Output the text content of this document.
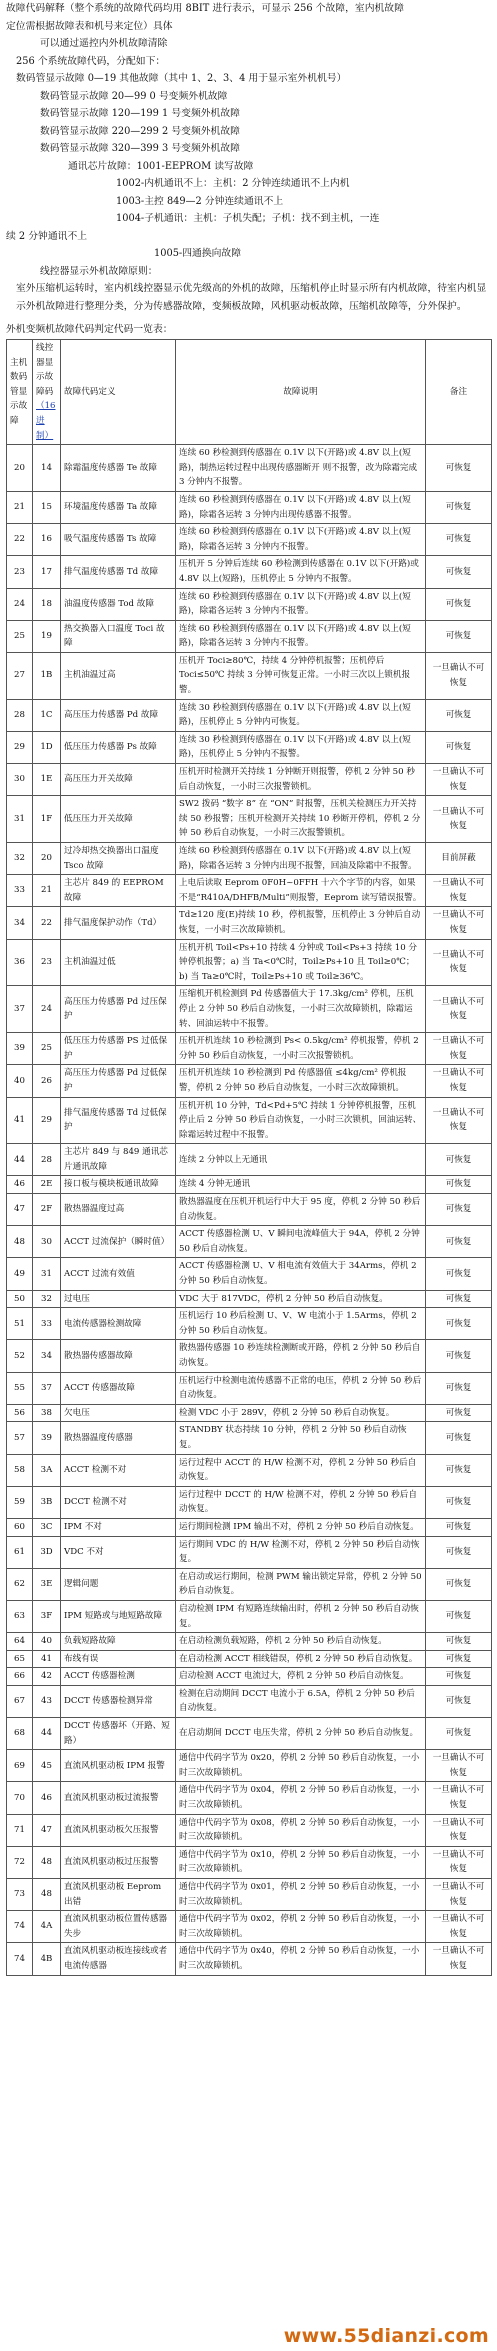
故障代码解释（整个系统的故障代码均用 8BIT 进行表示，可显示 256 个故障，室内机故障

定位需根据故障表和机号来定位）具体

可以通过遥控内外机故障清除

256 个系统故障代码，分配如下：

数码管显示故障 0—19 其他故障（其中 1、2、3、4 用于显示室外机机号）

数码管显示故障 20—99 0 号变频外机故障

数码管显示故障 120—199 1 号变频外机故障

数码管显示故障 220—299 2 号变频外机故障

数码管显示故障 320—399 3 号变频外机故障

通讯芯片故障：1001-EEPROM 读写故障

1002-内机通讯不上：主机：2 分钟连续通讯不上内机

1003-主控 849—2 分钟连续通讯不上

1004-子机通讯：主机：子机失配；子机：找不到主机，一连

续 2 分钟通讯不上

1005-四通换向故障

线控器显示外机故障原则：

室外压缩机运转时，室内机线控器显示优先级高的外机的故障，压缩机停止时显示所有内机故障，待室内机显示外机故障进行整理分类，分为传感器故障，变频板故障，风机驱动板故障，压缩机故障等，分外保护。

外机变频机故障代码判定代码一览表：
主机数码管显示故障	线控器显示故障码（16 进制）	故障代码定义	故障说明	备注
20	14	除霜温度传感器 Te 故障	连续 60 秒检测到传感器在 0.1V 以下(开路)或 4.8V 以上(短路)，制热运转过程中出现传感器断开 则不报警，改为除霜完成 3 分钟内不报警。	可恢复
21	15	环境温度传感器 Ta 故障	连续 60 秒检测到传感器在 0.1V 以下(开路)或 4.8V 以上(短路)，除霜各运转 3 分钟内出现传感器不报警。	可恢复
22	16	吸气温度传感器 Ts 故障	连续 60 秒检测到传感器在 0.1V 以下(开路)或 4.8V 以上(短路)，除霜各运转 3 分钟内不报警。	可恢复
23	17	排气温度传感器 Td 故障	压机开 5 分钟后连续 60 秒检测到传感器在 0.1V 以下(开路)或 4.8V 以上(短路)，压机停止 5 分钟内不报警。	可恢复
24	18	油温度传感器 Tod 故障	连续 60 秒检测到传感器在 0.1V 以下(开路)或 4.8V 以上(短路)，除霜各运转 3 分钟内不报警。	可恢复
25	19	热交换器入口温度 Toci 故障	连续 60 秒检测到传感器在 0.1V 以下(开路)或 4.8V 以上(短路)，除霜各运转 3 分钟内不报警。	可恢复
27	1B	主机油温过高	压机开 Toci≥80℃，持续 4 分钟停机报警；压机停后 Toci≤50℃ 持续 3 分钟可恢复正常。一小时三次以上锁机报警。	一旦确认不可恢复
28	1C	高压压力传感器 Pd 故障	连续 30 秒检测到传感器在 0.1V 以下(开路)或 4.8V 以上(短路)，压机停止 5 分钟内可恢复。	可恢复
29	1D	低压压力传感器 Ps 故障	连续 30 秒检测到传感器在 0.1V 以下(开路)或 4.8V 以上(短路)，压机停止 5 分钟内不报警。	可恢复
30	1E	高压压力开关故障	压机开时检测开关持续 1 分钟断开则报警，停机 2 分钟 50 秒后自动恢复，一小时三次报警锁机。	一旦确认不可恢复
31	1F	低压压力开关故障	SW2 拨码 “数字 8” 在 “ON” 时报警，压机关检测压力开关持续 50 秒报警；压机开检测开关持续 10 秒断开停机，停机 2 分钟 50 秒后自动恢复，一小时三次报警锁机。	一旦确认不可恢复
32	20	过冷却热交换器出口温度 Tsco 故障	连续 60 秒检测到传感器在 0.1V 以下(开路)或 4.8V 以上(短路)，除霜各运转 3 分钟内出现不报警，回油及除霜中不报警。	目前屏蔽
33	21	主芯片 849 的 EEPROM 故障	上电后读取 Eeprom 0F0H~0FFH 十六个字节的内容，如果不是“R410A/DHFB/Multi”则报警，Eeprom 读写错误报警。	一旦确认不可恢复
34	22	排气温度保护动作（Td）	Td≥120 度(E)持续 10 秒，停机报警，压机停止 3 分钟后自动恢复，一小时三次故障锁机。	一旦确认不可恢复
36	23	主机油温过低	压机开机 Toil<Ps+10 持续 4 分钟或 Toil<Ps+3 持续 10 分钟停机报警；a) 当 Ta<0℃时，Toil≥Ps+10 且 Toil≥0℃；b) 当 Ta≥0℃时，Toil≥Ps+10 或 Toil≥36℃。	一旦确认不可恢复
37	24	高压压力传感器 Pd 过压保护	压缩机开机检测到 Pd 传感器值大于 17.3kg/cm² 停机，压机停止 2 分钟 50 秒后自动恢复，一小时三次故障锁机，除霜运转、回油运转中不报警。	一旦确认不可恢复
39	25	低压压力传感器 PS 过低保护	压机开机连续 10 秒检测到 Ps< 0.5kg/cm² 停机报警，停机 2 分钟 50 秒后自动恢复，一小时三次报警锁机。	一旦确认不可恢复
40	26	高压压力传感器 Pd 过低保护	压机开机连续 10 秒检测到 Pd 传感器值 ≤4kg/cm² 停机报警，停机 2 分钟 50 秒后自动恢复，一小时三次故障锁机。	一旦确认不可恢复
41	29	排气温度传感器 Td 过低保护	压机开机 10 分钟，Td<Pd+5℃ 持续 1 分钟停机报警，压机停止后 2 分钟 50 秒后自动恢复，一小时三次锁机，回油运转、除霜运转过程中不报警。	一旦确认不可恢复
44	28	主芯片 849 与 849 通讯芯片通讯故障	连续 2 分钟以上无通讯	可恢复
46	2E	接口板与模块板通讯故障	连续 4 分钟无通讯	可恢复
47	2F	散热器温度过高	散热器温度在压机开机运行中大于 95 度，停机 2 分钟 50 秒后自动恢复。	可恢复
48	30	ACCT 过流保护（瞬时值）	ACCT 传感器检测 U、V 瞬间电流峰值大于 94A，停机 2 分钟 50 秒后自动恢复。	可恢复
49	31	ACCT 过流有效值	ACCT 传感器检测 U、V 相电流有效值大于 34Arms，停机 2 分钟 50 秒后自动恢复。	可恢复
50	32	过电压	VDC 大于 817VDC，停机 2 分钟 50 秒后自动恢复。	可恢复
51	33	电流传感器检测故障	压机运行 10 秒后检测 U、V、W 电流小于 1.5Arms，停机 2 分钟 50 秒后自动恢复。	可恢复
52	34	散热器传感器故障	散热器传感器 10 秒连续检测断或开路，停机 2 分钟 50 秒后自动恢复。	可恢复
55	37	ACCT 传感器故障	压机运行中检测电流传感器不正常的电压，停机 2 分钟 50 秒后自动恢复。	可恢复
56	38	欠电压	检测 VDC 小于 289V，停机 2 分钟 50 秒后自动恢复。	可恢复
57	39	散热器温度传感器	STANDBY 状态持续 10 分钟，停机 2 分钟 50 秒后自动恢复。	可恢复
58	3A	ACCT 检测不对	运行过程中 ACCT 的 H/W 检测不对，停机 2 分钟 50 秒后自动恢复。	可恢复
59	3B	DCCT 检测不对	运行过程中 DCCT 的 H/W 检测不对，停机 2 分钟 50 秒后自动恢复。	可恢复
60	3C	IPM 不对	运行期间检测 IPM 输出不对，停机 2 分钟 50 秒后自动恢复。	可恢复
61	3D	VDC 不对	运行期间 VDC 的 H/W 检测不对，停机 2 分钟 50 秒后自动恢复。	可恢复
62	3E	逻辑问题	在启动或运行期间，检测 PWM 输出锁定异常，停机 2 分钟 50 秒后自动恢复。	可恢复
63	3F	IPM 短路或与地短路故障	启动检测 IPM 有短路连续输出时，停机 2 分钟 50 秒后自动恢复。	可恢复
64	40	负载短路故障	在启动检测负载短路，停机 2 分钟 50 秒后自动恢复。	可恢复
65	41	布线有误	在启动检测 ACCT 相线错误，停机 2 分钟 50 秒后自动恢复。	可恢复
66	42	ACCT 传感器检测	启动检测 ACCT 电流过大，停机 2 分钟 50 秒后自动恢复。	可恢复
67	43	DCCT 传感器检测异常	检测在启动期间 DCCT 电流小于 6.5A，停机 2 分钟 50 秒后自动恢复。	可恢复
68	44	DCCT 传感器坏（开路、短路）	在启动期间 DCCT 电压失常，停机 2 分钟 50 秒后自动恢复。	可恢复
69	45	直流风机驱动板 IPM 报警	通信中代码字节为 0x20，停机 2 分钟 50 秒后自动恢复，一小时三次故障锁机。	一旦确认不可恢复
70	46	直流风机驱动板过流报警	通信中代码字节为 0x04，停机 2 分钟 50 秒后自动恢复，一小时三次故障锁机。	一旦确认不可恢复
71	47	直流风机驱动板欠压报警	通信中代码字节为 0x08，停机 2 分钟 50 秒后自动恢复，一小时三次故障锁机。	一旦确认不可恢复
72	48	直流风机驱动板过压报警	通信中代码字节为 0x10，停机 2 分钟 50 秒后自动恢复，一小时三次故障锁机。	一旦确认不可恢复
73	48	直流风机驱动板 Eeprom 出错	通信中代码字节为 0x01，停机 2 分钟 50 秒后自动恢复，一小时三次故障锁机。	一旦确认不可恢复
74	4A	直流风机驱动板位置传感器失步	通信中代码字节为 0x02，停机 2 分钟 50 秒后自动恢复，一小时三次故障锁机。	一旦确认不可恢复
74	4B	直流风机驱动板连接线或者电流传感器	通信中代码字节为 0x40，停机 2 分钟 50 秒后自动恢复，一小时三次故障锁机。	一旦确认不可恢复
www.55dianzi.com
